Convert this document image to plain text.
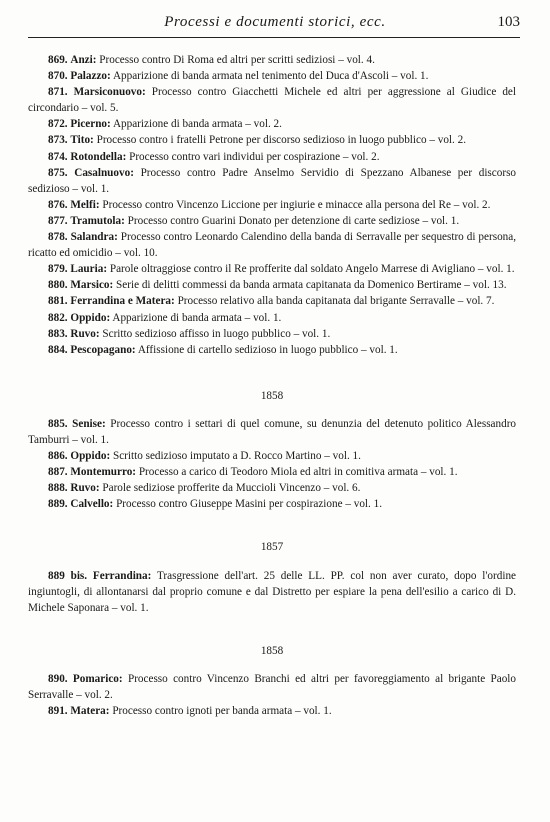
Processi e documenti storici, ecc.	103

869. Anzi: Processo contro Di Roma ed altri per scritti sediziosi – vol. 4.

870. Palazzo: Apparizione di banda armata nel tenimento del Duca d'Ascoli – vol. 1.

871. Marsiconuovo: Processo contro Giacchetti Michele ed altri per aggressione al Giudice del circondario – vol. 5.

872. Picerno: Apparizione di banda armata – vol. 2.

873. Tito: Processo contro i fratelli Petrone per discorso sedizioso in luogo pubblico – vol. 2.

874. Rotondella: Processo contro vari individui per cospirazione – vol. 2.

875. Casalnuovo: Processo contro Padre Anselmo Servidio di Spezzano Albanese per discorso sedizioso – vol. 1.

876. Melfi: Processo contro Vincenzo Liccione per ingiurie e minacce alla persona del Re – vol. 2.

877. Tramutola: Processo contro Guarini Donato per detenzione di carte sediziose – vol. 1.

878. Salandra: Processo contro Leonardo Calendino della banda di Serravalle per sequestro di persona, ricatto ed omicidio – vol. 10.

879. Lauria: Parole oltraggiose contro il Re profferite dal soldato Angelo Marrese di Avigliano – vol. 1.

880. Marsico: Serie di delitti commessi da banda armata capitanata da Domenico Bertirame – vol. 13.

881. Ferrandina e Matera: Processo relativo alla banda capitanata dal brigante Serravalle – vol. 7.

882. Oppido: Apparizione di banda armata – vol. 1.

883. Ruvo: Scritto sedizioso affisso in luogo pubblico – vol. 1.

884. Pescopagano: Affissione di cartello sedizioso in luogo pubblico – vol. 1.

1858

885. Senise: Processo contro i settari di quel comune, su denunzia del detenuto politico Alessandro Tamburri – vol. 1.

886. Oppido: Scritto sedizioso imputato a D. Rocco Martino – vol. 1.

887. Montemurro: Processo a carico di Teodoro Miola ed altri in comitiva armata – vol. 1.

888. Ruvo: Parole sediziose profferite da Muccioli Vincenzo – vol. 6.

889. Calvello: Processo contro Giuseppe Masini per cospirazione – vol. 1.

1857

889 bis. Ferrandina: Trasgressione dell'art. 25 delle LL. PP. col non aver curato, dopo l'ordine ingiuntogli, di allontanarsi dal proprio comune e dal Distretto per espiare la pena dell'esilio a carico di D. Michele Saponara – vol. 1.

1858

890. Pomarico: Processo contro Vincenzo Branchi ed altri per favoreggiamento al brigante Paolo Serravalle – vol. 2.

891. Matera: Processo contro ignoti per banda armata – vol. 1.
